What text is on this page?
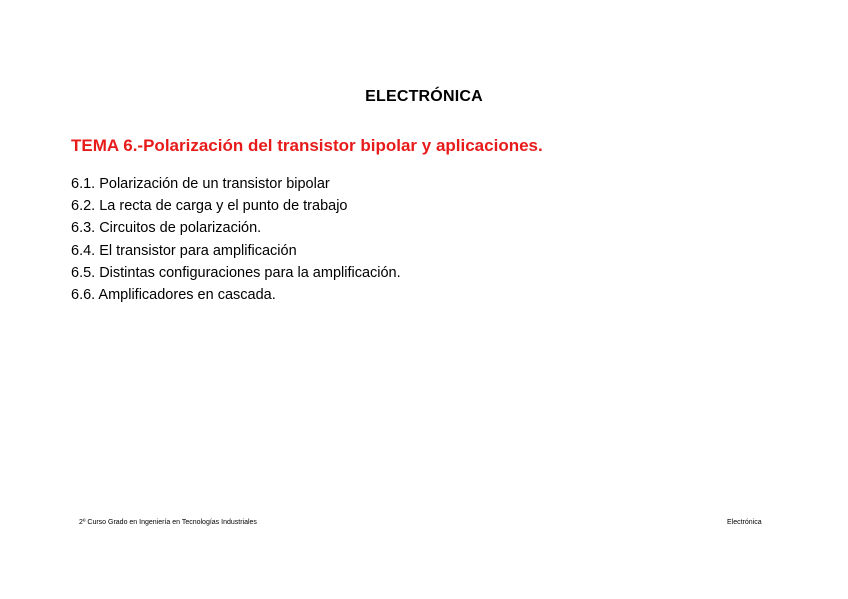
ELECTRÓNICA
TEMA 6.-Polarización del transistor bipolar y aplicaciones.
6.1. Polarización de un transistor bipolar
6.2. La recta de carga y el punto de trabajo
6.3. Circuitos de polarización.
6.4. El transistor para amplificación
6.5. Distintas configuraciones para la amplificación.
6.6. Amplificadores en cascada.
2º Curso Grado en Ingeniería en Tecnologías Industriales	Electrónica
